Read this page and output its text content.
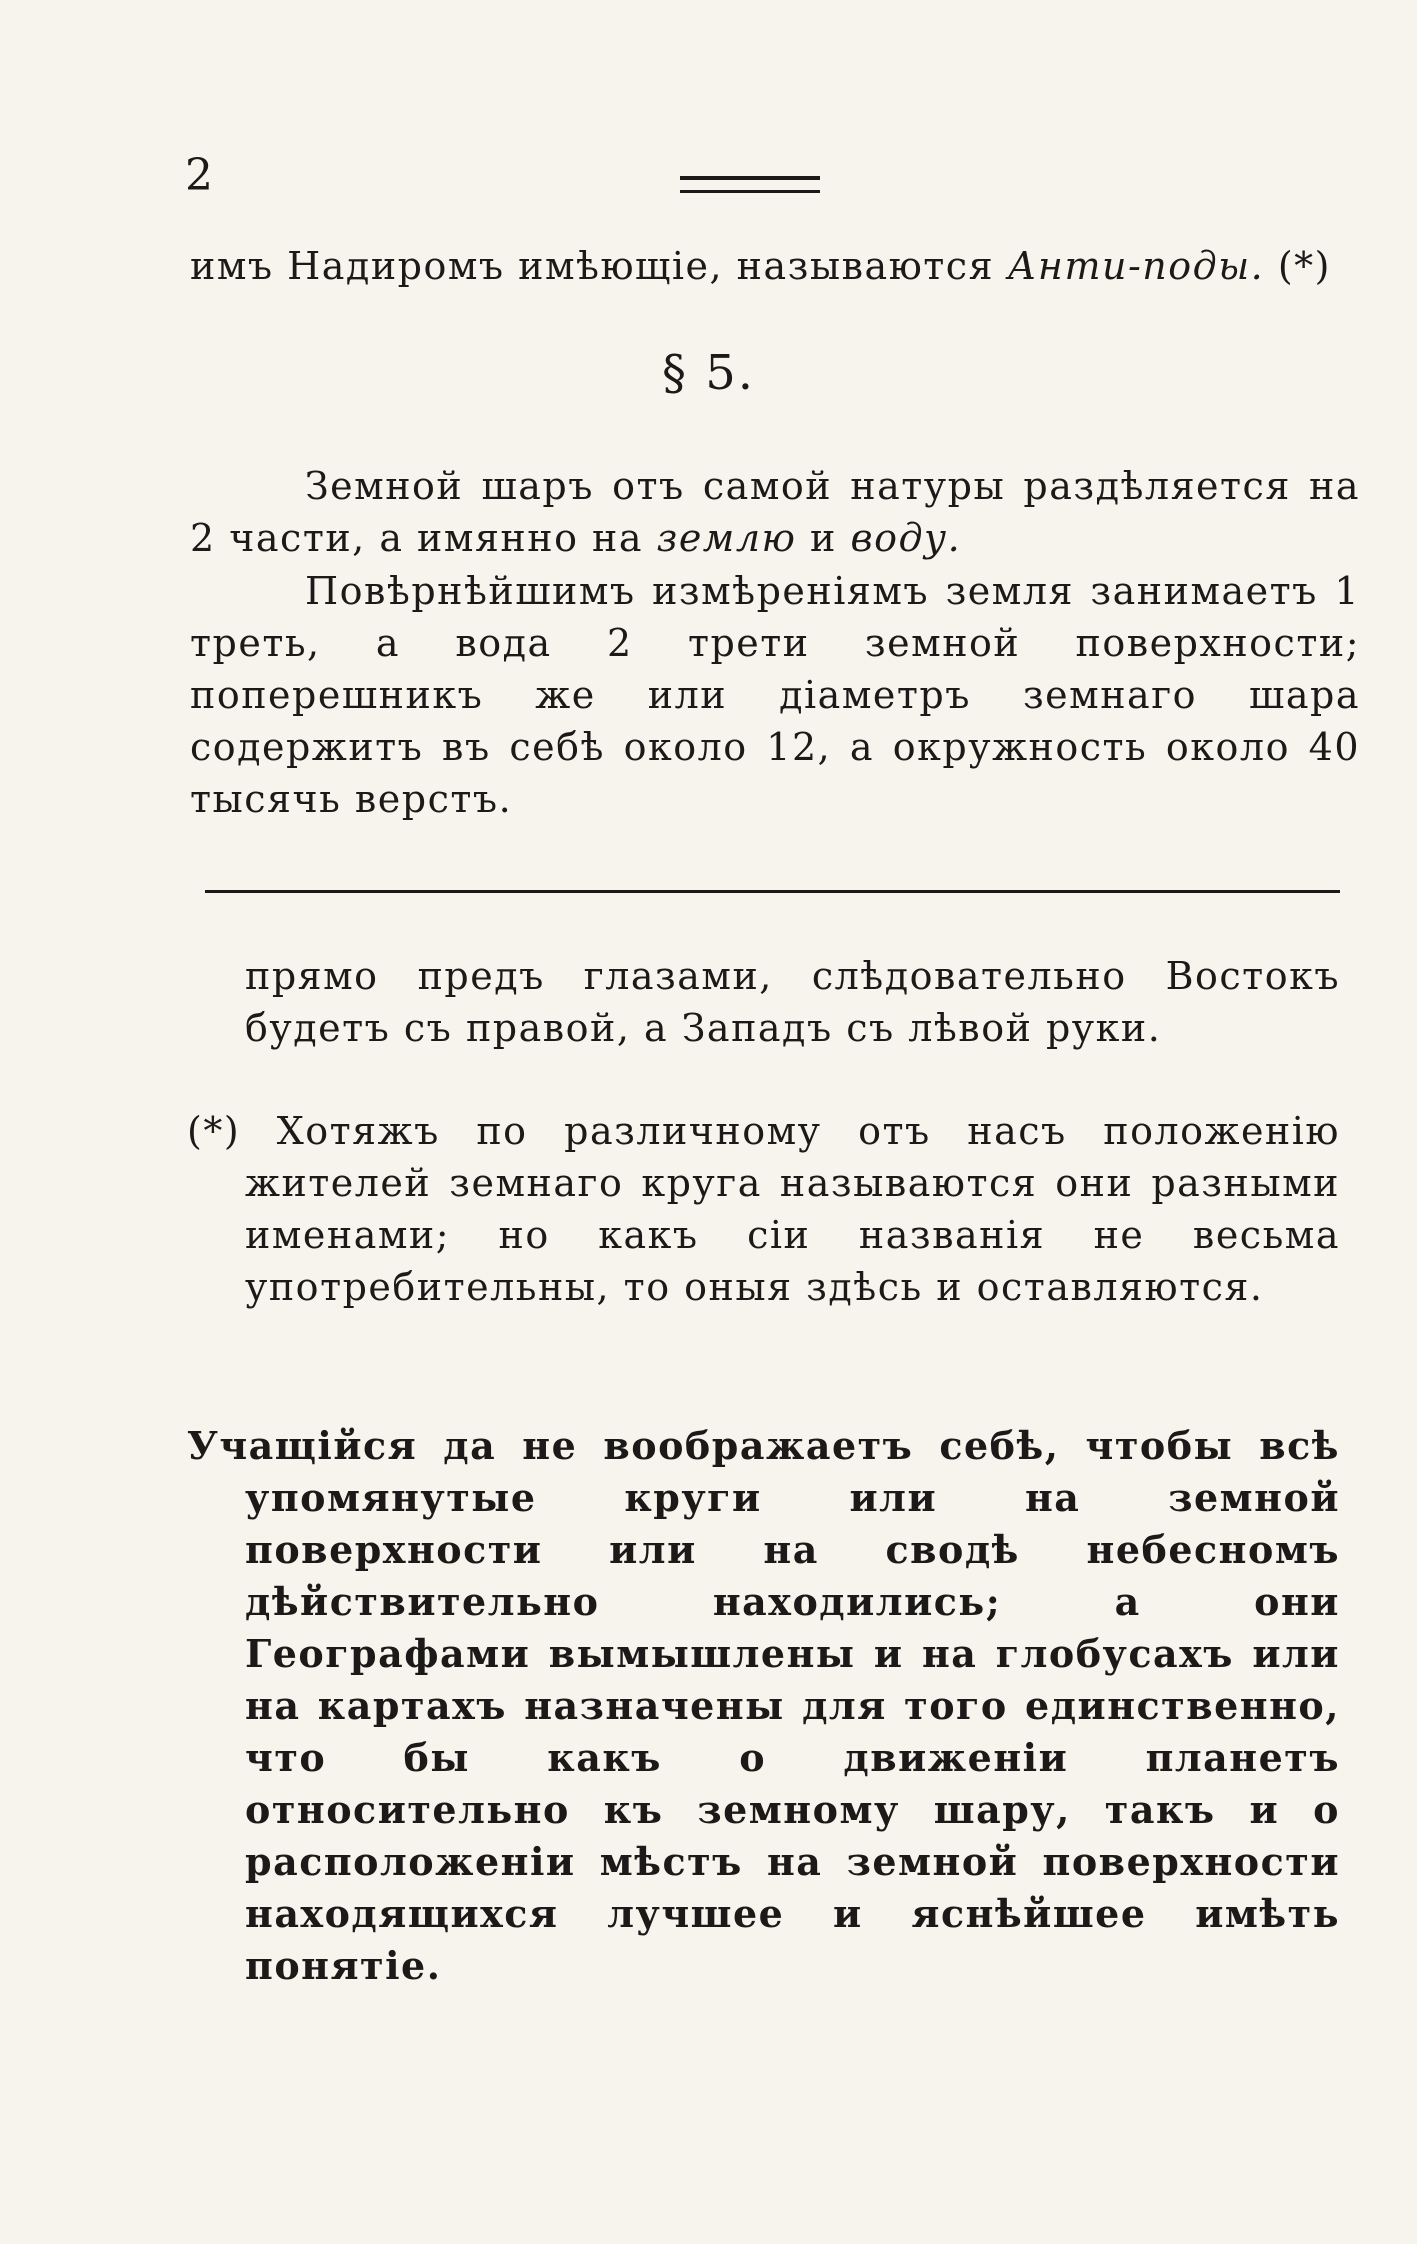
2

имъ Надиромъ имѣющіе, называются Анти-поды. (*)

§ 5.

Земной шаръ отъ самой натуры раздѣляется на 2 части, а имянно на землю и воду.

Повѣрнѣйшимъ измѣреніямъ земля занимаетъ 1 треть, а вода 2 трети земной поверхности; поперешникъ же или діаметръ земнаго шара содержитъ въ себѣ около 12, а окружность около 40 тысячь верстъ.

прямо предъ глазами, слѣдовательно Востокъ будетъ съ правой, а Западъ съ лѣвой руки.

(*) Хотяжъ по различному отъ насъ положенію жителей земнаго круга называются они разными именами; но какъ сіи названія не весьма употребительны, то оныя здѣсь и оставляются.

Учащійся да не воображаетъ себѣ, чтобы всѣ упомянутые круги или на земной поверхности или на сводѣ небесномъ дѣйствительно находились; а они Географами вымышлены и на глобусахъ или на картахъ назначены для того единственно, что бы какъ о движеніи планетъ относительно къ земному шару, такъ и о расположеніи мѣстъ на земной поверхности находящихся лучшее и яснѣйшее имѣть понятіе.
